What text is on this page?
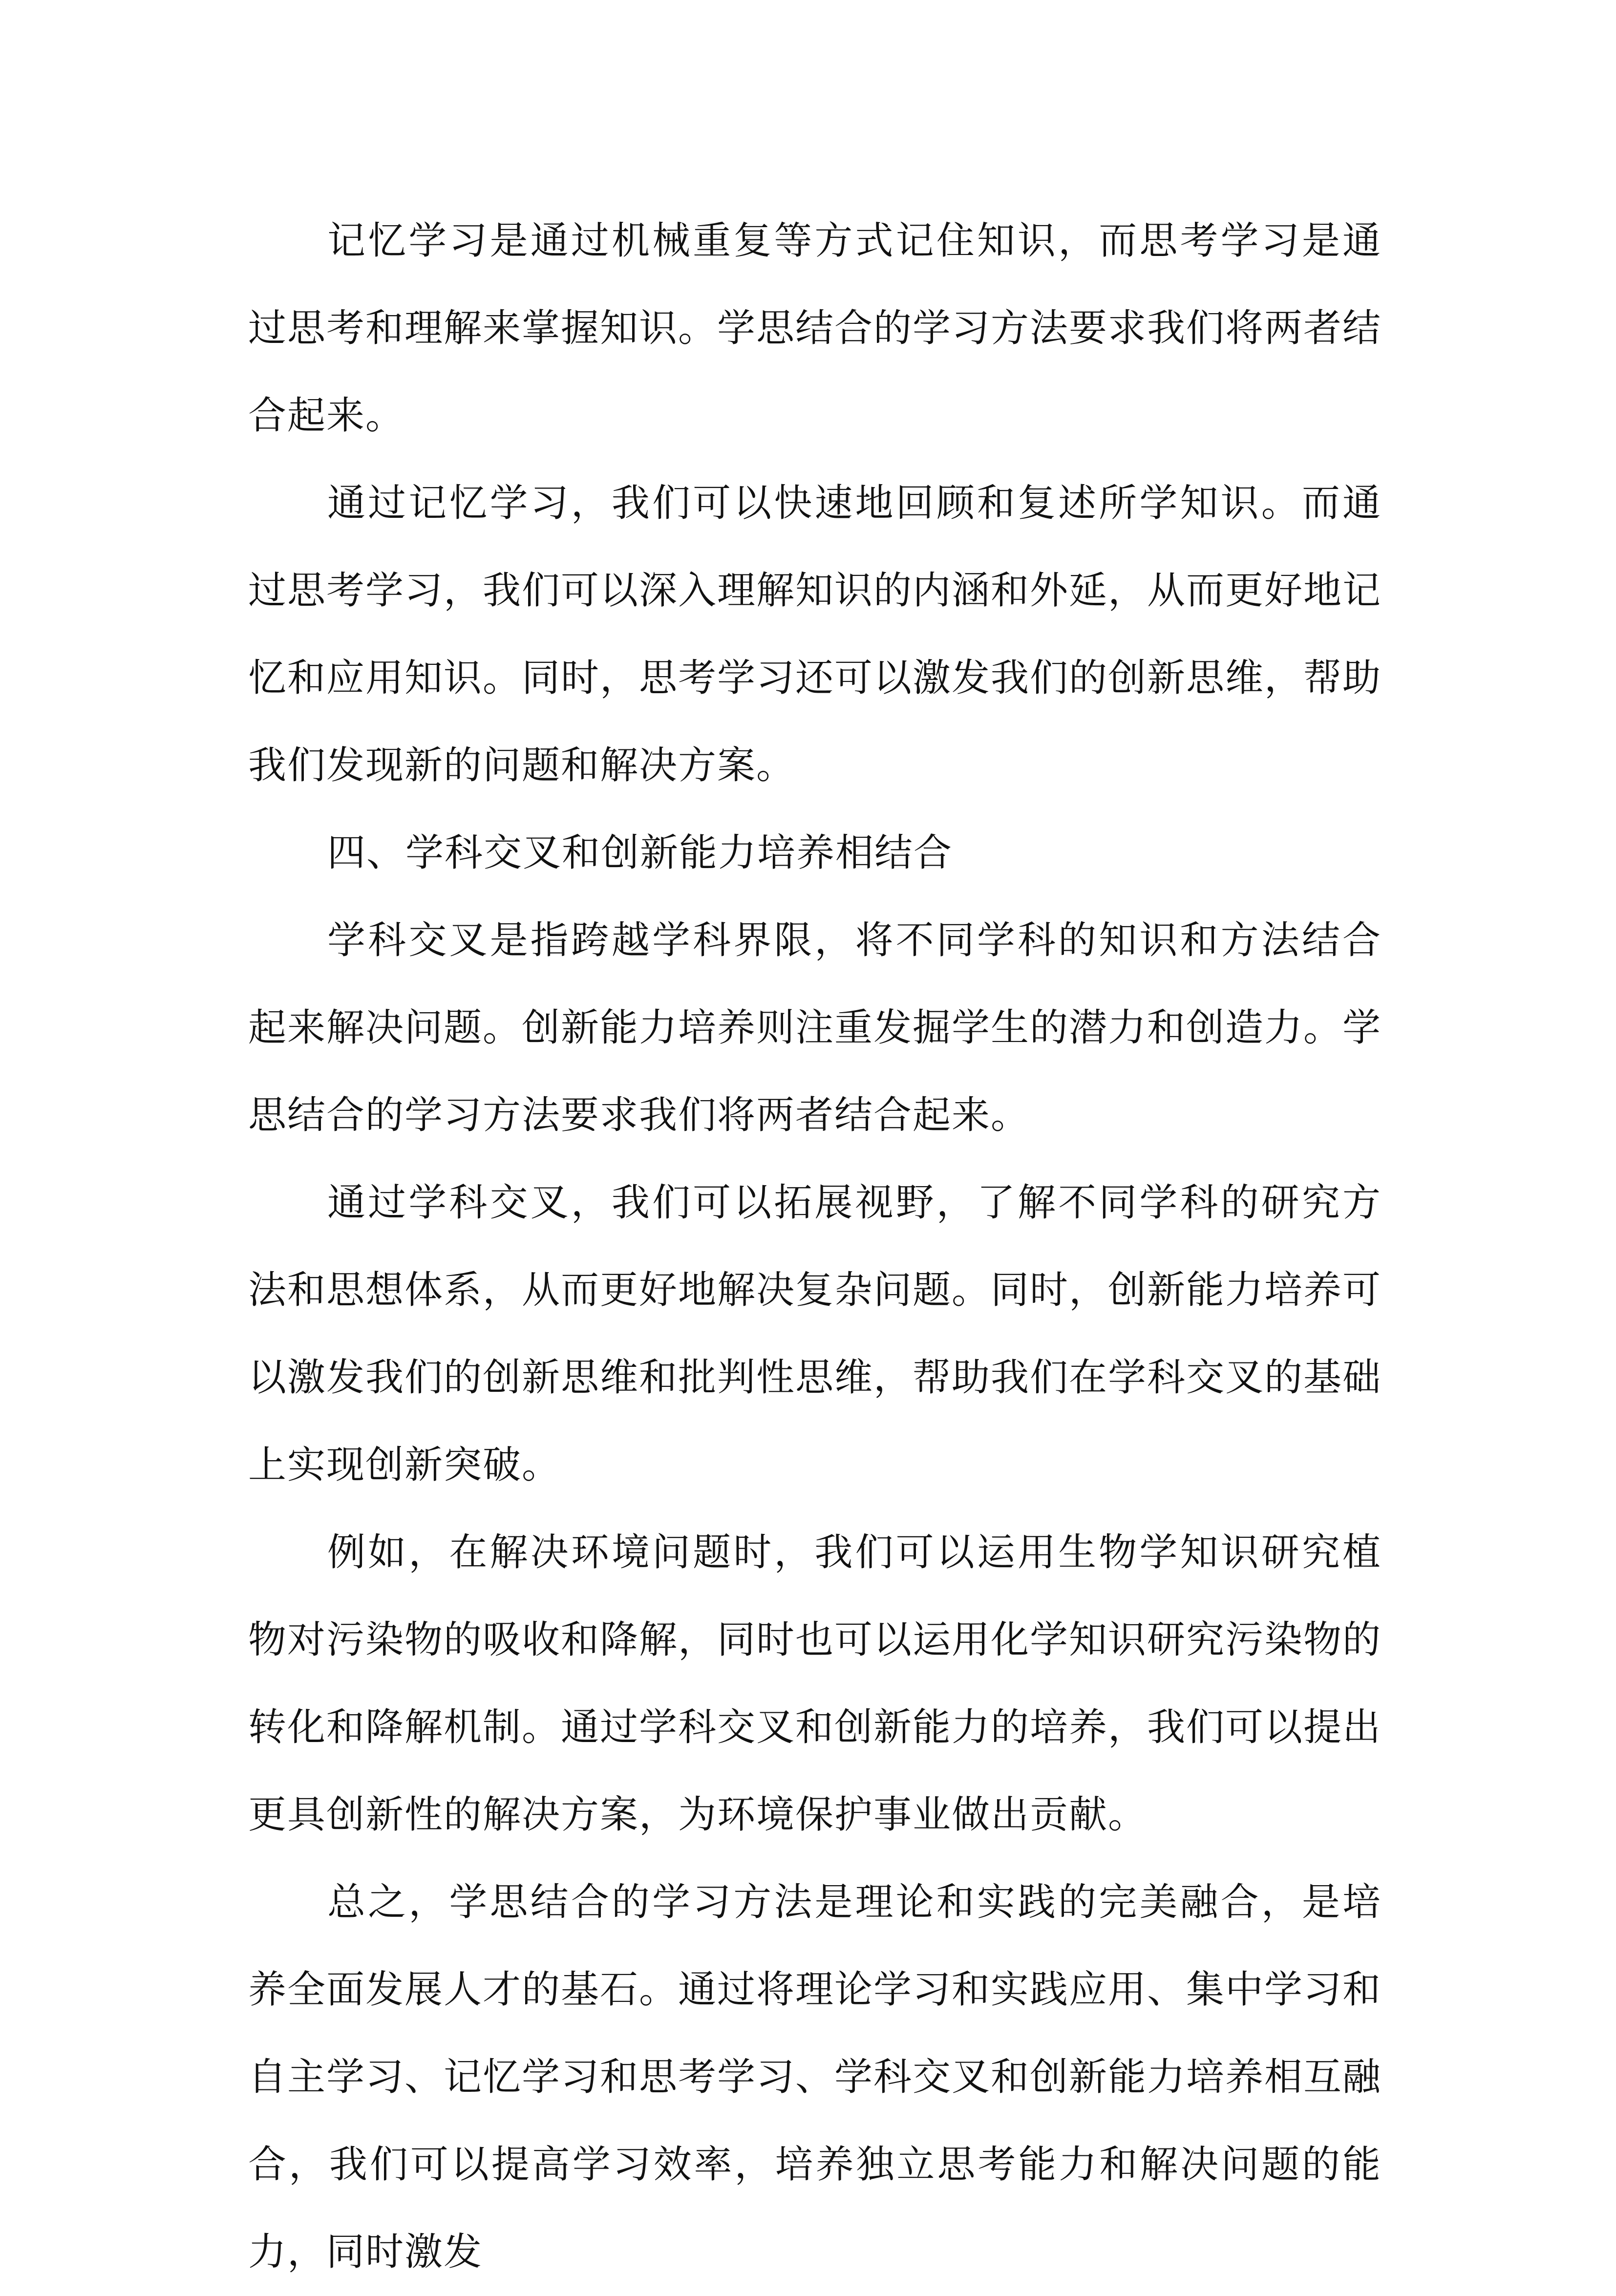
记忆学习是通过机械重复等方式记住知识，而思考学习是通过思考和理解来掌握知识。学思结合的学习方法要求我们将两者结合起来。

通过记忆学习，我们可以快速地回顾和复述所学知识。而通过思考学习，我们可以深入理解知识的内涵和外延，从而更好地记忆和应用知识。同时，思考学习还可以激发我们的创新思维，帮助我们发现新的问题和解决方案。

四、学科交叉和创新能力培养相结合

学科交叉是指跨越学科界限，将不同学科的知识和方法结合起来解决问题。创新能力培养则注重发掘学生的潜力和创造力。学思结合的学习方法要求我们将两者结合起来。

通过学科交叉，我们可以拓展视野，了解不同学科的研究方法和思想体系，从而更好地解决复杂问题。同时，创新能力培养可以激发我们的创新思维和批判性思维，帮助我们在学科交叉的基础上实现创新突破。

例如，在解决环境问题时，我们可以运用生物学知识研究植物对污染物的吸收和降解，同时也可以运用化学知识研究污染物的转化和降解机制。通过学科交叉和创新能力的培养，我们可以提出更具创新性的解决方案，为环境保护事业做出贡献。

总之，学思结合的学习方法是理论和实践的完美融合，是培养全面发展人才的基石。通过将理论学习和实践应用、集中学习和自主学习、记忆学习和思考学习、学科交叉和创新能力培养相互融合，我们可以提高学习效率，培养独立思考能力和解决问题的能力，同时激发
